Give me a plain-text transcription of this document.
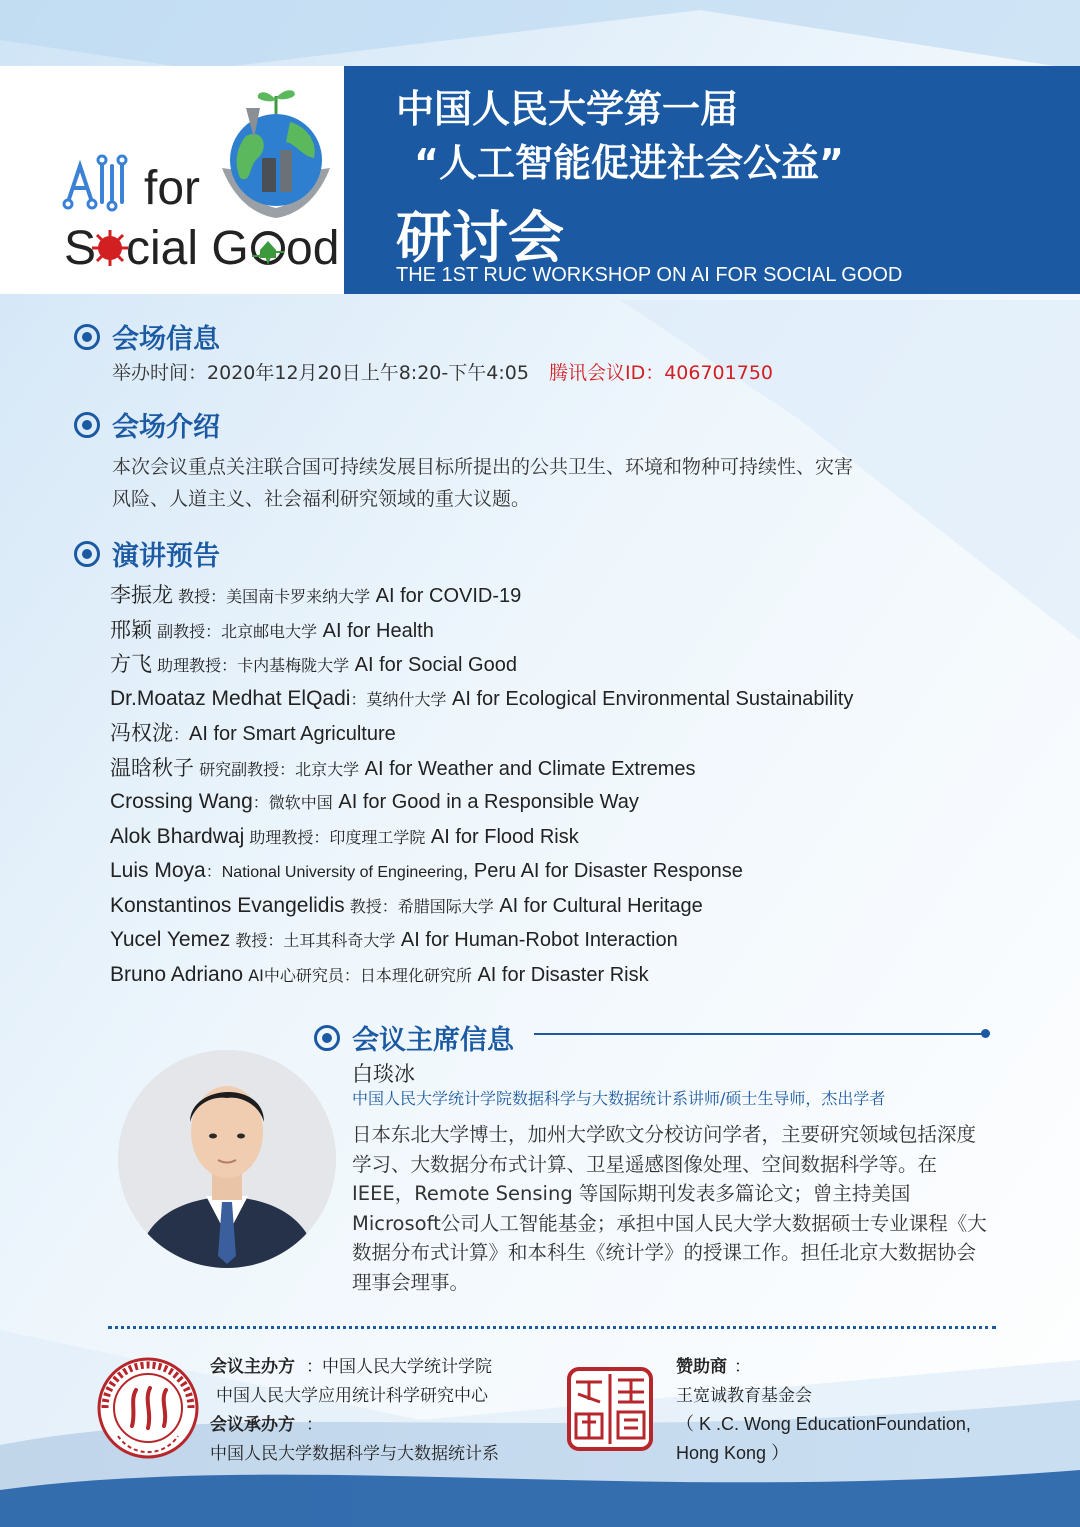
for
S cial G od
中国人民大学第一届
“人工智能促进社会公益”
研讨会
THE 1ST RUC WORKSHOP ON AI FOR SOCIAL GOOD
会场信息
举办时间：2020年12月20日上午8:20-下午4:05 腾讯会议ID：406701750
会场介绍
本次会议重点关注联合国可持续发展目标所提出的公共卫生、环境和物种可持续性、灾害
风险、人道主义、社会福利研究领域的重大议题。
演讲预告
李振龙 教授：美国南卡罗来纳大学 AI for COVID-19
邢颖 副教授：北京邮电大学 AI for Health
方飞 助理教授：卡内基梅陇大学 AI for Social Good
Dr.Moataz Medhat ElQadi：莫纳什大学 AI for Ecological Environmental Sustainability
冯权泷：AI for Smart Agriculture
温晗秋子 研究副教授：北京大学 AI for Weather and Climate Extremes
Crossing Wang：微软中国 AI for Good in a Responsible Way
Alok Bhardwaj 助理教授：印度理工学院 AI for Flood Risk
Luis Moya：National University of Engineering, Peru AI for Disaster Response
Konstantinos Evangelidis 教授：希腊国际大学 AI for Cultural Heritage
Yucel Yemez 教授：土耳其科奇大学 AI for Human-Robot Interaction
Bruno Adriano AI中心研究员：日本理化研究所 AI for Disaster Risk
会议主席信息
白琰冰
中国人民大学统计学院数据科学与大数据统计系讲师/硕士生导师，杰出学者
日本东北大学博士，加州大学欧文分校访问学者，主要研究领域包括深度学习、大数据分布式计算、卫星遥感图像处理、空间数据科学等。在IEEE，Remote Sensing 等国际期刊发表多篇论文；曾主持美国Microsoft公司人工智能基金；承担中国人民大学大数据硕士专业课程《大数据分布式计算》和本科生《统计学》的授课工作。担任北京大数据协会理事会理事。
会议主办方 ： 中国人民大学统计学院
中国人民大学应用统计科学研究中心
会议承办方 ：
中国人民大学数据科学与大数据统计系
赞助商 ：
王宽诚教育基金会
（ K .C. Wong EducationFoundation,
Hong Kong ）
